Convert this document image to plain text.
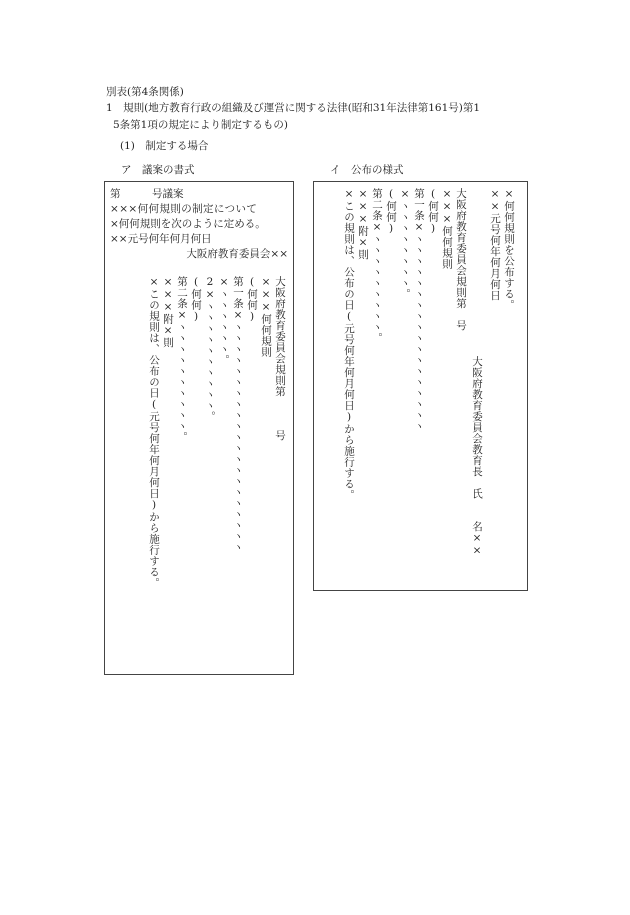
別表(第4条関係)
1　規則(地方教育行政の組織及び運営に関する法律(昭和31年法律第161号)第1
5条第1項の規定により制定するもの)
(1)　制定する場合
ア　議案の書式	イ　公布の様式
第　　　号議案
×××何何規則の制定について
×何何規則を次のように定める。
××元号何年何月何日
大阪府教育委員会××
大阪府教育委員会規則第　　　号
×××何何規則
(何何)
第一条×ヽヽヽヽヽヽヽヽヽヽヽヽヽヽヽヽヽヽヽヽヽ
×ヽヽヽヽヽヽ。
2×ヽヽヽヽヽヽヽヽヽヽ。
(何何)
第二条×ヽヽヽヽヽヽヽヽヽヽ。
×××附×則
×この規則は、公布の日(元号何年何月何日)から施行する。
×何何規則を公布する。
××元号何年何月何日
大阪府教育委員会教育長　氏　　名××
大阪府教育委員会規則第　号
×××何何規則
(何何)
第一条×ヽヽヽヽヽヽヽヽヽヽヽヽヽヽヽヽヽヽ
×ヽヽヽヽヽヽヽヽ。
(何何)
第二条×ヽヽヽヽヽヽヽヽヽ。
×××附×則
×この規則は、公布の日(元号何年何月何日)から施行する。
